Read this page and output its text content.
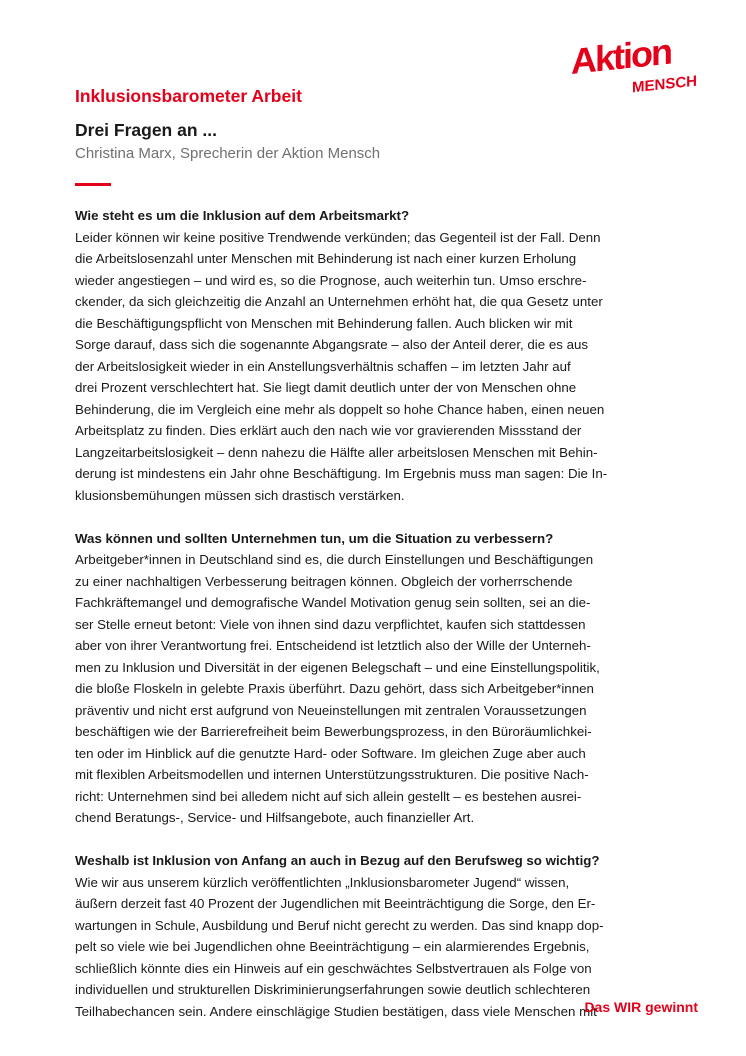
Aktion
MENSCH
Inklusionsbarometer Arbeit
Drei Fragen an ...

Christina Marx, Sprecherin der Aktion Mensch

Wie steht es um die Inklusion auf dem Arbeitsmarkt?

Leider können wir keine positive Trendwende verkünden; das Gegenteil ist der Fall. Denn

die Arbeitslosenzahl unter Menschen mit Behinderung ist nach einer kurzen Erholung

wieder angestiegen – und wird es, so die Prognose, auch weiterhin tun. Umso erschre-

ckender, da sich gleichzeitig die Anzahl an Unternehmen erhöht hat, die qua Gesetz unter

die Beschäftigungspflicht von Menschen mit Behinderung fallen. Auch blicken wir mit

Sorge darauf, dass sich die sogenannte Abgangsrate – also der Anteil derer, die es aus

der Arbeitslosigkeit wieder in ein Anstellungsverhältnis schaffen – im letzten Jahr auf

drei Prozent verschlechtert hat. Sie liegt damit deutlich unter der von Menschen ohne

Behinderung, die im Vergleich eine mehr als doppelt so hohe Chance haben, einen neuen

Arbeitsplatz zu finden. Dies erklärt auch den nach wie vor gravierenden Missstand der

Langzeitarbeitslosigkeit – denn nahezu die Hälfte aller arbeitslosen Menschen mit Behin-

derung ist mindestens ein Jahr ohne Beschäftigung. Im Ergebnis muss man sagen: Die In-

klusionsbemühungen müssen sich drastisch verstärken.

Was können und sollten Unternehmen tun, um die Situation zu verbessern?

Arbeitgeber*innen in Deutschland sind es, die durch Einstellungen und Beschäftigungen

zu einer nachhaltigen Verbesserung beitragen können. Obgleich der vorherrschende

Fachkräftemangel und demografische Wandel Motivation genug sein sollten, sei an die-

ser Stelle erneut betont: Viele von ihnen sind dazu verpflichtet, kaufen sich stattdessen

aber von ihrer Verantwortung frei. Entscheidend ist letztlich also der Wille der Unterneh-

men zu Inklusion und Diversität in der eigenen Belegschaft – und eine Einstellungspolitik,

die bloße Floskeln in gelebte Praxis überführt. Dazu gehört, dass sich Arbeitgeber*innen

präventiv und nicht erst aufgrund von Neueinstellungen mit zentralen Voraussetzungen

beschäftigen wie der Barrierefreiheit beim Bewerbungsprozess, in den Büroräumlichkei-

ten oder im Hinblick auf die genutzte Hard- oder Software. Im gleichen Zuge aber auch

mit flexiblen Arbeitsmodellen und internen Unterstützungsstrukturen. Die positive Nach-

richt: Unternehmen sind bei alledem nicht auf sich allein gestellt – es bestehen ausrei-

chend Beratungs-, Service- und Hilfsangebote, auch finanzieller Art.

Weshalb ist Inklusion von Anfang an auch in Bezug auf den Berufsweg so wichtig?

Wie wir aus unserem kürzlich veröffentlichten „Inklusionsbarometer Jugend“ wissen,

äußern derzeit fast 40 Prozent der Jugendlichen mit Beeinträchtigung die Sorge, den Er-

wartungen in Schule, Ausbildung und Beruf nicht gerecht zu werden. Das sind knapp dop-

pelt so viele wie bei Jugendlichen ohne Beeinträchtigung – ein alarmierendes Ergebnis,

schließlich könnte dies ein Hinweis auf ein geschwächtes Selbstvertrauen als Folge von

individuellen und strukturellen Diskriminierungserfahrungen sowie deutlich schlechteren

Teilhabechancen sein. Andere einschlägige Studien bestätigen, dass viele Menschen mit

Das WIR gewinnt
